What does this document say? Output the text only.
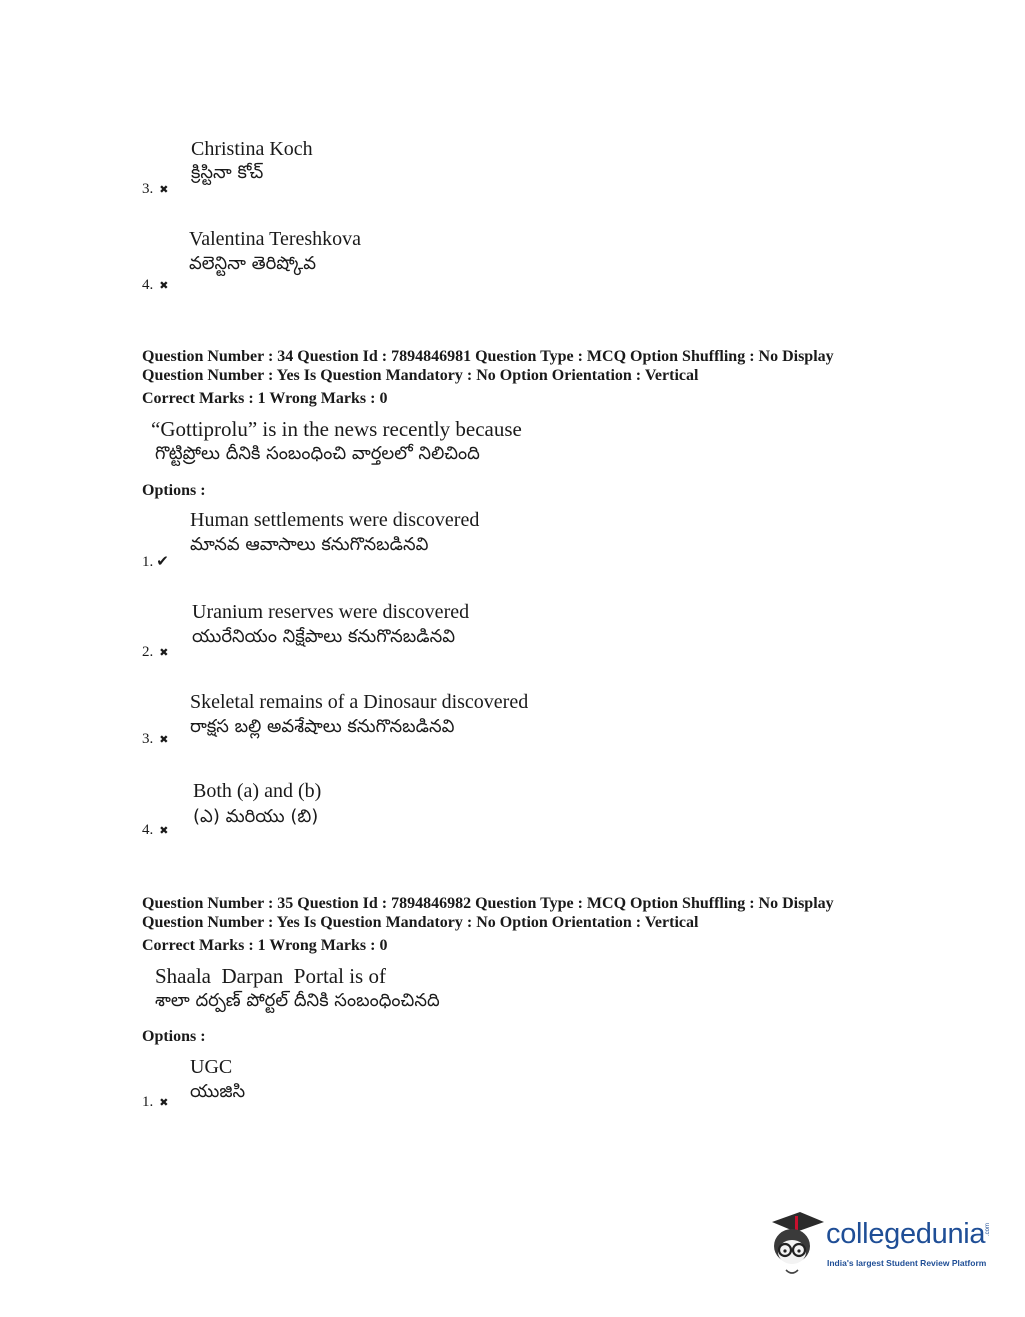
Christina Koch
క్రిస్టినా కోచ్
3. ✖
Valentina Tereshkova
వలెన్టినా తెరిష్కోవ
4. ✖
Question Number : 34 Question Id : 7894846981 Question Type : MCQ Option Shuffling : No Display
Question Number : Yes Is Question Mandatory : No Option Orientation : Vertical
Correct Marks : 1 Wrong Marks : 0
“Gottiprolu” is in the news recently because
గొట్టిప్రోలు దీనికి సంబంధించి వార్తలలో నిలిచింది
Options :
Human settlements were discovered
మానవ ఆవాసాలు కనుగొనబడినవి
1. ✔
Uranium reserves were discovered
యురేనియం నిక్షేపాలు కనుగొనబడినవి
2. ✖
Skeletal remains of a Dinosaur discovered
రాక్షస బల్లి అవశేషాలు కనుగొనబడినవి
3. ✖
Both (a) and (b)
(ఎ) మరియు (బి)
4. ✖
Question Number : 35 Question Id : 7894846982 Question Type : MCQ Option Shuffling : No Display
Question Number : Yes Is Question Mandatory : No Option Orientation : Vertical
Correct Marks : 1 Wrong Marks : 0
Shaala  Darpan  Portal is of
శాలా దర్పణ్ పోర్టల్ దీనికి సంబంధించినది
Options :
UGC
యుజిసి
1. ✖
collegedunia .com
India's largest Student Review Platform
